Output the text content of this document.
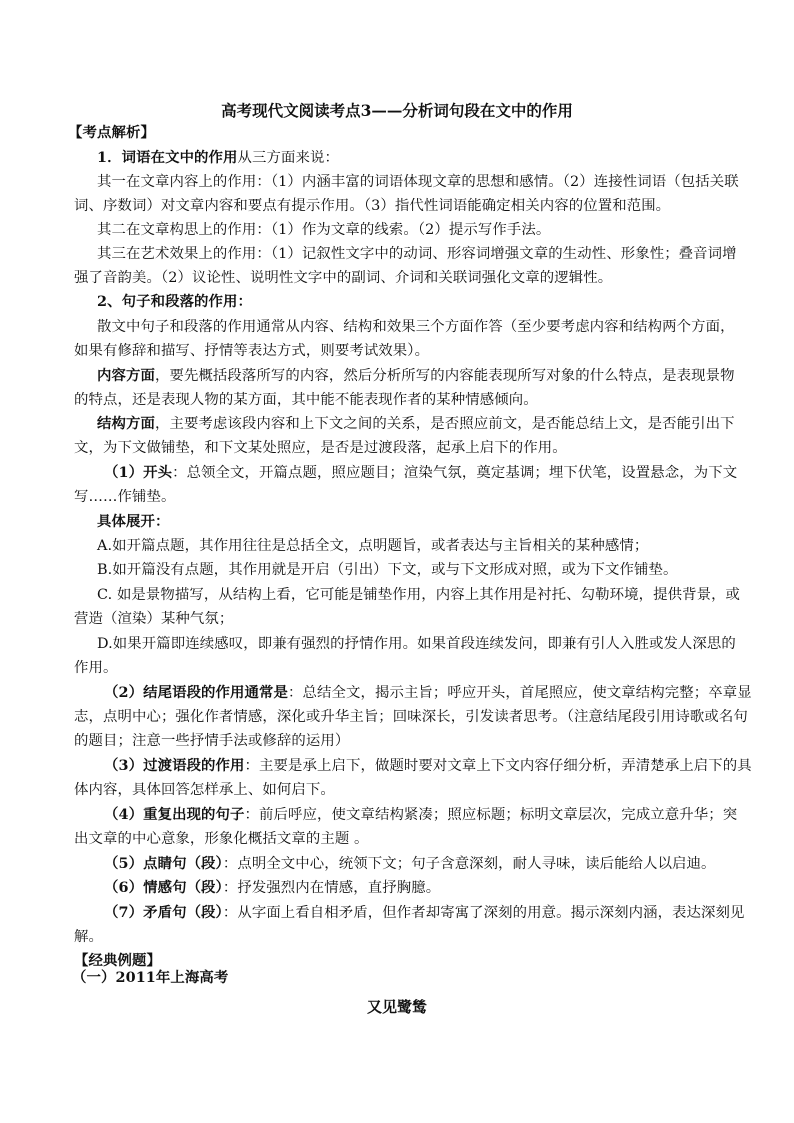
高考现代文阅读考点3——分析词句段在文中的作用
【考点解析】
1．词语在文中的作用从三方面来说：
其一在文章内容上的作用：（1）内涵丰富的词语体现文章的思想和感情。（2）连接性词语（包括关联
词、序数词）对文章内容和要点有提示作用。（3）指代性词语能确定相关内容的位置和范围。
其二在文章构思上的作用：（1）作为文章的线索。（2）提示写作手法。
其三在艺术效果上的作用：（1）记叙性文字中的动词、形容词增强文章的生动性、形象性；叠音词增
强了音韵美。（2）议论性、说明性文字中的副词、介词和关联词强化文章的逻辑性。
2、句子和段落的作用：
散文中句子和段落的作用通常从内容、结构和效果三个方面作答（至少要考虑内容和结构两个方面，
如果有修辞和描写、抒情等表达方式，则要考试效果）。
内容方面，要先概括段落所写的内容，然后分析所写的内容能表现所写对象的什么特点，是表现景物
的特点，还是表现人物的某方面，其中能不能表现作者的某种情感倾向。
结构方面，主要考虑该段内容和上下文之间的关系，是否照应前文，是否能总结上文，是否能引出下
文，为下文做铺垫，和下文某处照应，是否是过渡段落，起承上启下的作用。
（1）开头：总领全文，开篇点题，照应题目；渲染气氛，奠定基调；埋下伏笔，设置悬念，为下文
写……作铺垫。
具体展开：
A.如开篇点题，其作用往往是总括全文，点明题旨，或者表达与主旨相关的某种感情；
B.如开篇没有点题，其作用就是开启（引出）下文，或与下文形成对照，或为下文作铺垫。
C. 如是景物描写，从结构上看，它可能是铺垫作用，内容上其作用是衬托、勾勒环境，提供背景，或
营造（渲染）某种气氛；
D.如果开篇即连续感叹，即兼有强烈的抒情作用。如果首段连续发问，即兼有引人入胜或发人深思的
作用。
（2）结尾语段的作用通常是：总结全文，揭示主旨；呼应开头，首尾照应，使文章结构完整；卒章显
志，点明中心；强化作者情感，深化或升华主旨；回味深长，引发读者思考。（注意结尾段引用诗歌或名句
的题目；注意一些抒情手法或修辞的运用）
（3）过渡语段的作用：主要是承上启下，做题时要对文章上下文内容仔细分析，弄清楚承上启下的具
体内容，具体回答怎样承上、如何启下。
（4）重复出现的句子：前后呼应，使文章结构紧凑；照应标题；标明文章层次，完成立意升华；突
出文章的中心意象，形象化概括文章的主题 。
（5）点睛句（段）：点明全文中心，统领下文；句子含意深刻，耐人寻味，读后能给人以启迪。
（6）情感句（段）：抒发强烈内在情感，直抒胸臆。
（7）矛盾句（段）：从字面上看自相矛盾，但作者却寄寓了深刻的用意。揭示深刻内涵，表达深刻见
解。
【经典例题】
（一）2011年上海高考
又见鹭鸶
